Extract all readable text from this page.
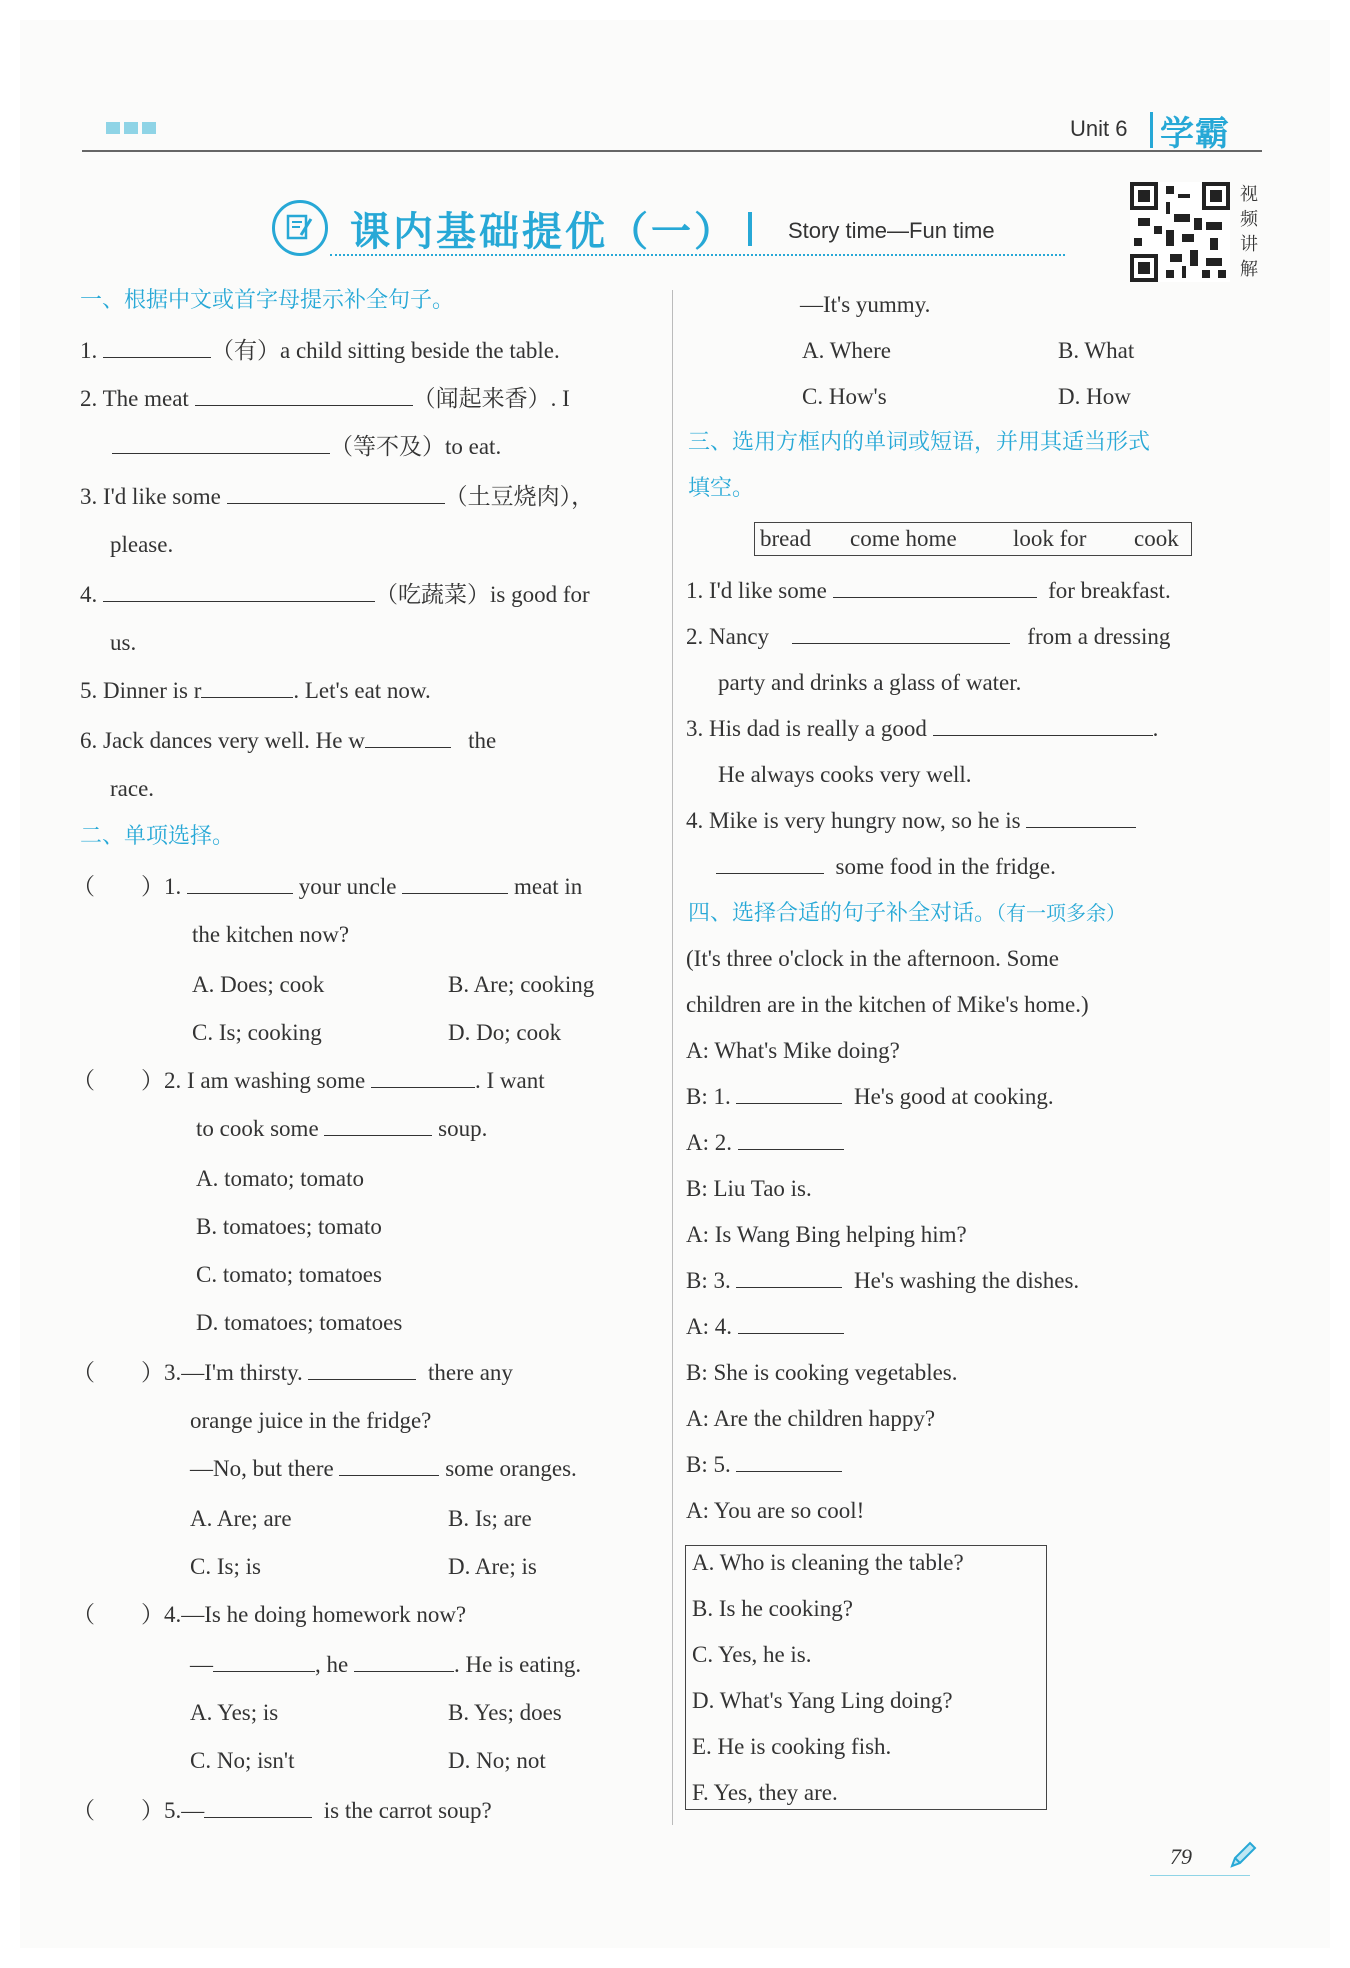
Unit 6 学霸
课内基础提优（一） Story time—Fun time
视
频
讲
解
一、根据中文或首字母提示补全句子。
1.	（有）a child sitting beside the table.
2. The meat	（闻起来香）. I
（等不及）to eat.
3. I'd like some	（土豆烧肉），
please.
4.	（吃蔬菜）is good for
us.
5. Dinner is r	. Let's eat now.
6. Jack dances very well. He w	the
race.
二、单项选择。
（　　）1.	your uncle	meat in
the kitchen now?
A. Does; cook	B. Are; cooking
C. Is; cooking	D. Do; cook
（　　）2. I am washing some	. I want
to cook some	soup.
A. tomato; tomato
B. tomatoes; tomato
C. tomato; tomatoes
D. tomatoes; tomatoes
（　　）3.—I'm thirsty.	there any
orange juice in the fridge?
—No, but there	some oranges.
A. Are; are	B. Is; are
C. Is; is	D. Are; is
（　　）4.—Is he doing homework now?
—	, he	. He is eating.
A. Yes; is	B. Yes; does
C. No; isn't	D. No; not
（　　）5.—	is the carrot soup?
—It's yummy.
A. Where	B. What
C. How's	D. How
三、选用方框内的单词或短语，并用其适当形式
填空。
bread come home look for cook
1. I'd like some	for breakfast.
2. Nancy	from a dressing
party and drinks a glass of water.
3. His dad is really a good	.
He always cooks very well.
4. Mike is very hungry now, so he is
some food in the fridge.
四、选择合适的句子补全对话。（有一项多余）
(It's three o'clock in the afternoon. Some
children are in the kitchen of Mike's home.)
A: What's Mike doing?
B: 1.	He's good at cooking.
A: 2.
B: Liu Tao is.
A: Is Wang Bing helping him?
B: 3.	He's washing the dishes.
A: 4.
B: She is cooking vegetables.
A: Are the children happy?
B: 5.
A: You are so cool!
A. Who is cleaning the table?
B. Is he cooking?
C. Yes, he is.
D. What's Yang Ling doing?
E. He is cooking fish.
F. Yes, they are.
79
